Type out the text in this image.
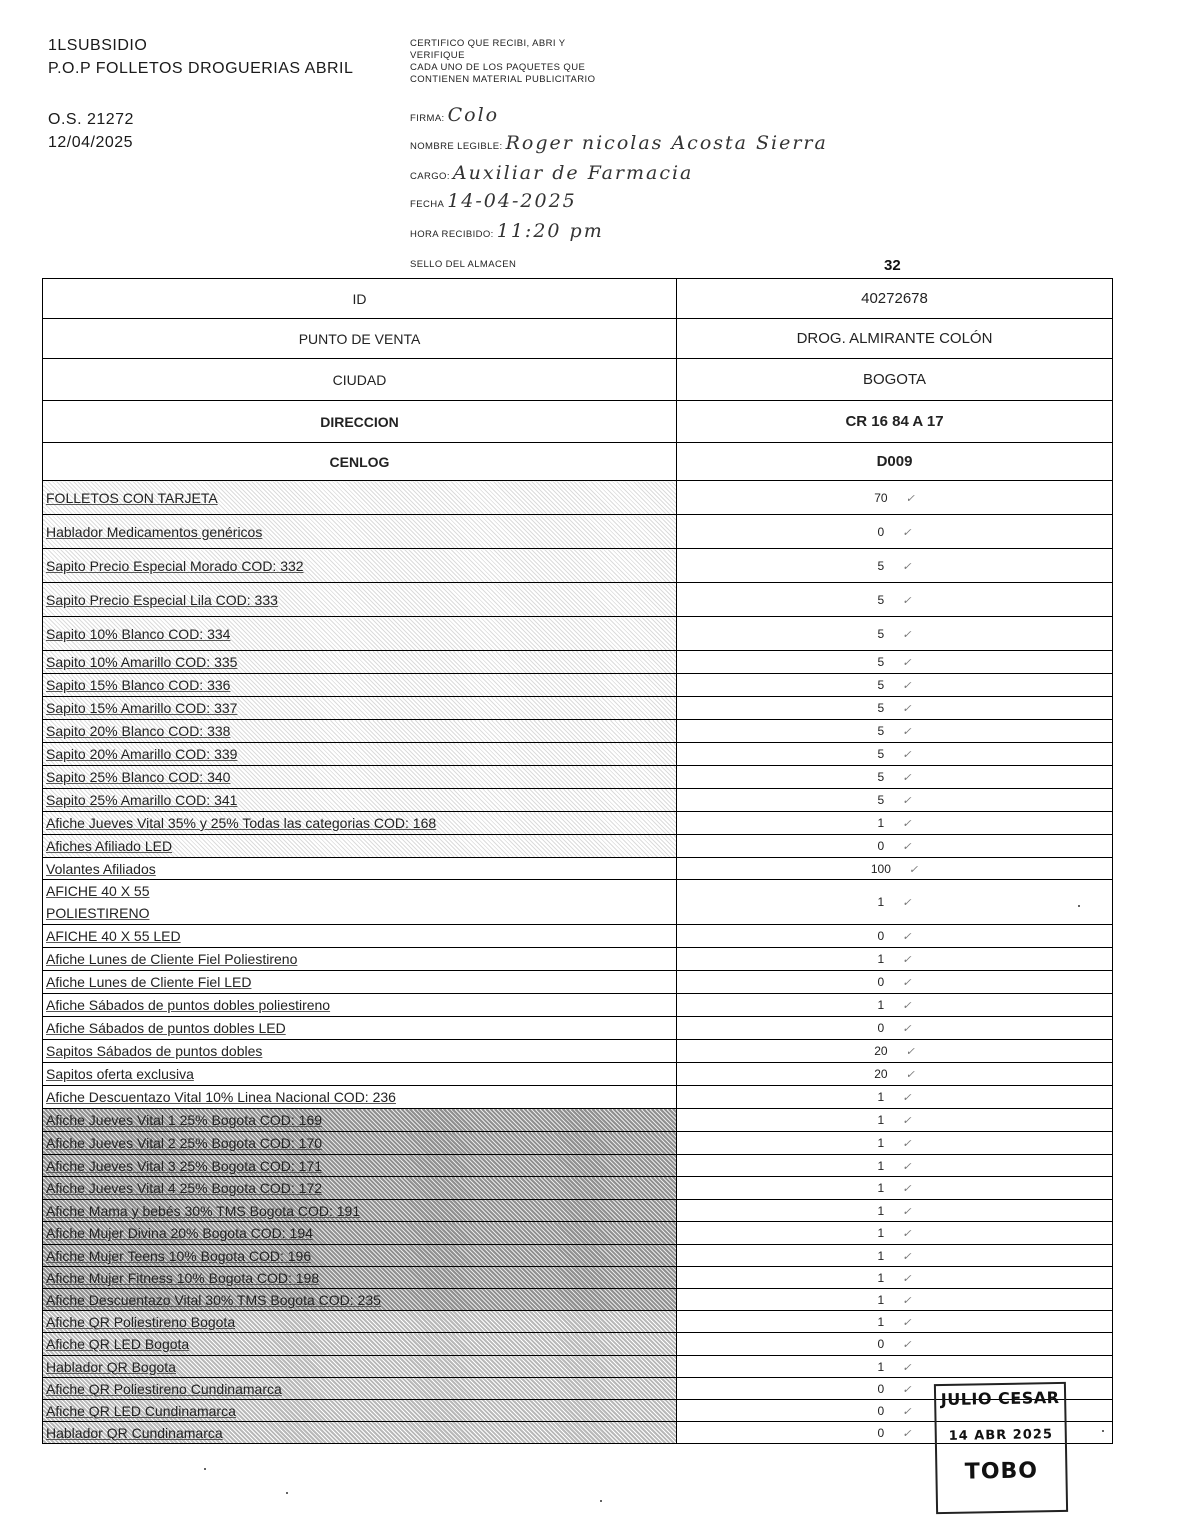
1LSUBSIDIO
P.O.P FOLLETOS DROGUERIAS ABRIL
O.S. 21272
12/04/2025
CERTIFICO QUE RECIBI, ABRI Y
VERIFIQUE
CADA UNO DE LOS PAQUETES QUE
CONTIENEN MATERIAL PUBLICITARIO
FIRMA: Colo
NOMBRE LEGIBLE: Roger nicolas Acosta Sierra
CARGO: Auxiliar de Farmacia
FECHA 14-04-2025
HORA RECIBIDO: 11:20 pm
SELLO DEL ALMACEN	32
ID	40272678
PUNTO DE VENTA	DROG. ALMIRANTE COLÓN
CIUDAD	BOGOTA
DIRECCION	CR 16 84 A 17
CENLOG	D009
FOLLETOS CON TARJETA	70 ✓
Hablador Medicamentos genéricos	0 ✓
Sapito Precio Especial Morado COD: 332	5 ✓
Sapito Precio Especial Lila COD: 333	5 ✓
Sapito 10% Blanco COD: 334	5 ✓
Sapito 10% Amarillo COD: 335	5 ✓
Sapito 15% Blanco COD: 336	5 ✓
Sapito 15% Amarillo COD: 337	5 ✓
Sapito 20% Blanco COD: 338	5 ✓
Sapito 20% Amarillo COD: 339	5 ✓
Sapito 25% Blanco COD: 340	5 ✓
Sapito 25% Amarillo COD: 341	5 ✓
Afiche Jueves Vital 35% y 25% Todas las categorias COD: 168	1 ✓
Afiches Afiliado LED	0 ✓
Volantes Afiliados	100 ✓
AFICHE 40 X 55
POLIESTIRENO	1 ✓
AFICHE 40 X 55 LED	0 ✓
Afiche Lunes de Cliente Fiel Poliestireno	1 ✓
Afiche Lunes de Cliente Fiel LED	0 ✓
Afiche Sábados de puntos dobles poliestireno	1 ✓
Afiche Sábados de puntos dobles LED	0 ✓
Sapitos Sábados de puntos dobles	20 ✓
Sapitos oferta exclusiva	20 ✓
Afiche Descuentazo Vital 10% Linea Nacional COD: 236	1 ✓
Afiche Jueves Vital 1 25% Bogota COD: 169	1 ✓
Afiche Jueves Vital 2 25% Bogota COD: 170	1 ✓
Afiche Jueves Vital 3 25% Bogota COD: 171	1 ✓
Afiche Jueves Vital 4 25% Bogota COD: 172	1 ✓
Afiche Mama y bebés 30% TMS Bogota COD: 191	1 ✓
Afiche Mujer Divina 20% Bogota COD: 194	1 ✓
Afiche Mujer Teens 10% Bogota COD: 196	1 ✓
Afiche Mujer Fitness 10% Bogota COD: 198	1 ✓
Afiche Descuentazo Vital 30% TMS Bogota COD: 235	1 ✓
Afiche QR Poliestireno Bogota	1 ✓
Afiche QR LED Bogota	0 ✓
Hablador QR Bogota	1 ✓
Afiche QR Poliestireno Cundinamarca	0 ✓
Afiche QR LED Cundinamarca	0 ✓
Hablador QR Cundinamarca	0 ✓
JULIO CESAR
14 ABR 2025
TOBO
